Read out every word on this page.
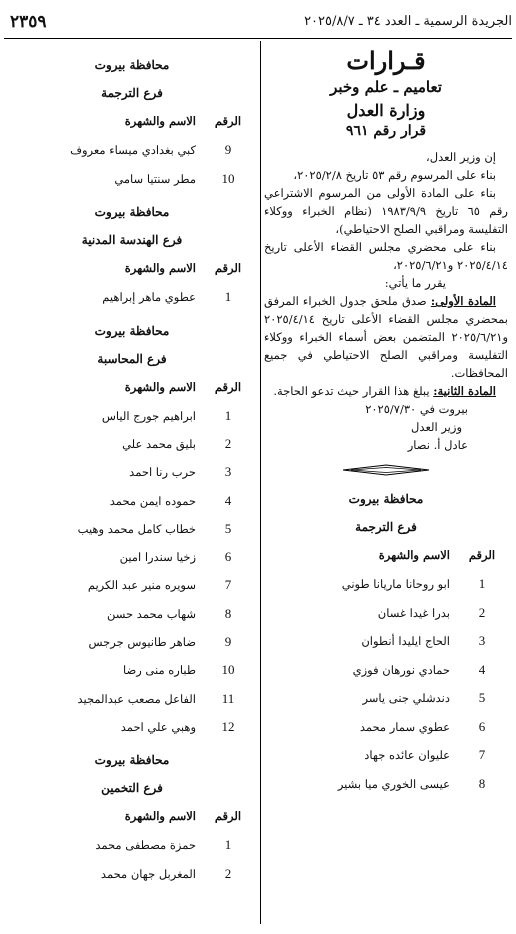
الجريدة الرسمية ـ العدد ٣٤ ـ ٢٠٢٥/٨/٧
٢٣٥٩
قـرارات
تعاميم ـ علم وخبر
وزارة العدل
قرار رقم ٩٦١

إن وزير العدل،

بناء على المرسوم رقم ٥٣ تاريخ ٢٠٢٥/٢/٨،

بناء على المادة الأولى من المرسوم الاشتراعي رقم ٦٥ تاريخ ١٩٨٣/٩/٩ (نظام الخبراء ووكلاء التفليسة ومراقبي الصلح الاحتياطي)،

بناء على محضري مجلس القضاء الأعلى تاريخ ٢٠٢٥/٤/١٤ و٢٠٢٥/٦/٢١،

يقرر ما يأتي:

المادة الأولى: صدق ملحق جدول الخبراء المرفق بمحضري مجلس القضاء الأعلى تاريخ ٢٠٢٥/٤/١٤ و٢٠٢٥/٦/٢١ المتضمن بعض أسماء الخبراء ووكلاء التفليسة ومراقبي الصلح الاحتياطي في جميع المحافظات.

المادة الثانية: يبلغ هذا القرار حيث تدعو الحاجة.

بيروت في ٢٠٢٥/٧/٣٠

وزير العدل

عادل أ. نصار

محافظة بيروت
فرع الترجمة
الرقم
الاسم والشهرة
1
ابو روحانا ماريانا طوني
2
بدرا غيدا غسان
3
الحاج ايليدا أنطوان
4
حمادي نورهان فوزي
5
دندشلي جنى ياسر
6
عطوي سمار محمد
7
عليوان عائده جهاد
8
عيسى الخوري ميا بشير
محافظة بيروت
فرع الترجمة
الرقم
الاسم والشهرة
9
كبي بغدادي ميساء معروف
10
مطر سنتيا سامي
محافظة بيروت
فرع الهندسة المدنية
الرقم
الاسم والشهرة
1
عطوي ماهر إبراهيم
محافظة بيروت
فرع المحاسبة
الرقم
الاسم والشهرة
1
ابراهيم جورج الياس
2
بليق محمد علي
3
حرب رنا احمد
4
حموده ايمن محمد
5
خطاب كامل محمد وهيب
6
زخيا سندرا امين
7
سويره منير عبد الكريم
8
شهاب محمد حسن
9
ضاهر طانيوس جرجس
10
طباره منى رضا
11
الفاعل مصعب عبدالمجيد
12
وهبي علي احمد
محافظة بيروت
فرع التخمين
الرقم
الاسم والشهرة
1
حمزة مصطفى محمد
2
المغربل جهان محمد
